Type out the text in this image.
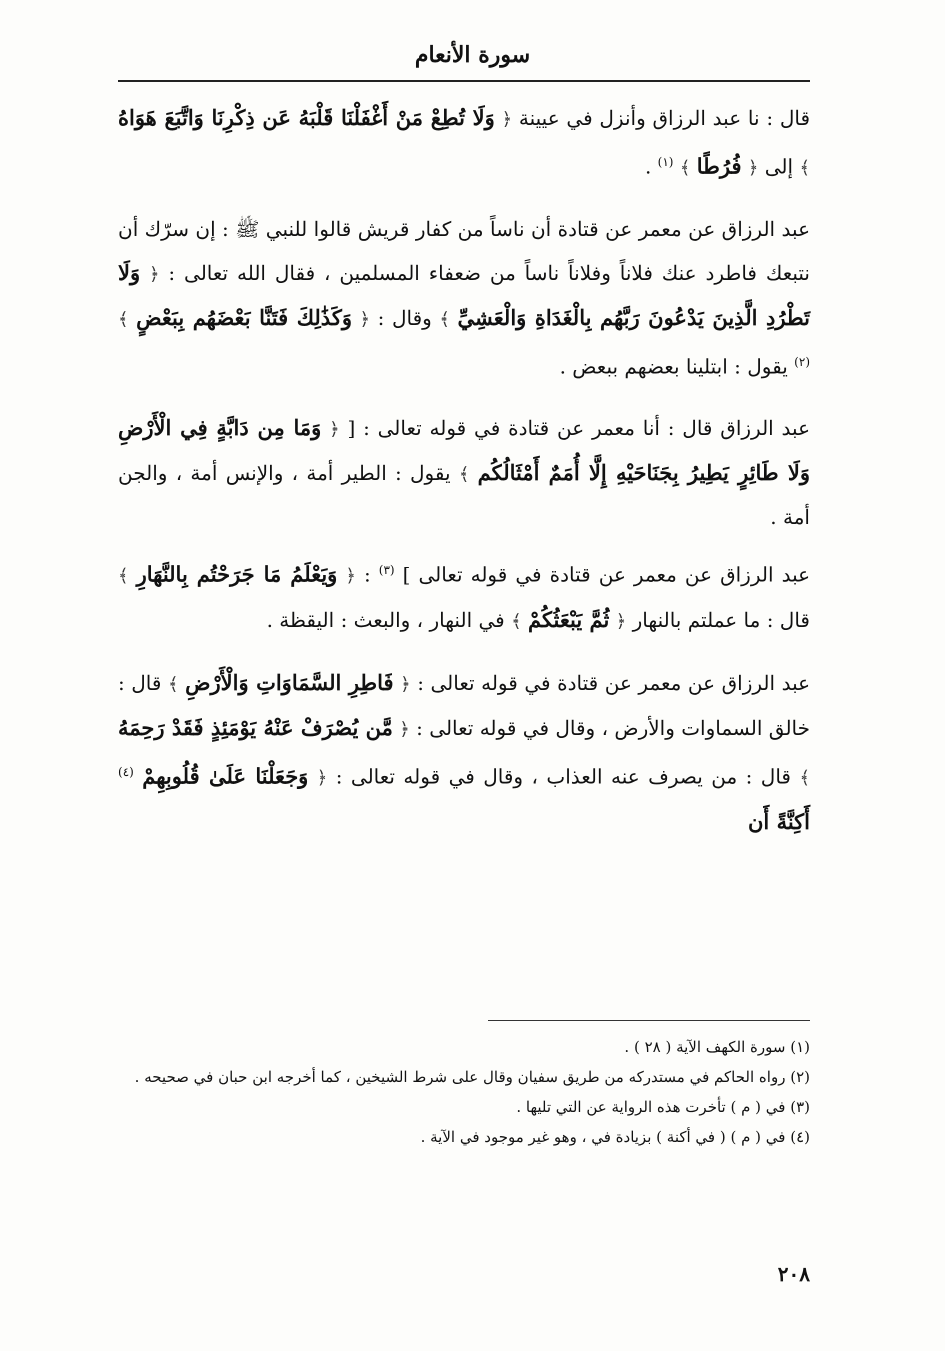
سورة الأنعام

قال : نا عبد الرزاق وأنزل في عيينة ﴿ وَلَا تُطِعْ مَنْ أَغْفَلْنَا قَلْبَهُ عَن ذِكْرِنَا وَاتَّبَعَ هَوَاهُ ﴾ إلى ﴿ فُرُطًا ﴾ $^{(١)}$ .

عبد الرزاق عن معمر عن قتادة أن ناساً من كفار قريش قالوا للنبي ﷺ : إن سرّك أن نتبعك فاطرد عنك فلاناً وفلاناً ناساً من ضعفاء المسلمين ، فقال الله تعالى : ﴿ وَلَا تَطْرُدِ الَّذِينَ يَدْعُونَ رَبَّهُم بِالْغَدَاةِ وَالْعَشِيِّ ﴾ وقال : ﴿ وَكَذَٰلِكَ فَتَنَّا بَعْضَهُم بِبَعْضٍ ﴾ $^{(٢)}$ يقول : ابتلينا بعضهم ببعض .

عبد الرزاق قال : أنا معمر عن قتادة في قوله تعالى : [ ﴿ وَمَا مِن دَابَّةٍ فِي الْأَرْضِ وَلَا طَائِرٍ يَطِيرُ بِجَنَاحَيْهِ إِلَّا أُمَمٌ أَمْثَالُكُم ﴾ يقول : الطير أمة ، والإنس أمة ، والجن أمة .

عبد الرزاق عن معمر عن قتادة في قوله تعالى ] $^{(٣)}$ : ﴿ وَيَعْلَمُ مَا جَرَحْتُم بِالنَّهَارِ ﴾ قال : ما عملتم بالنهار ﴿ ثُمَّ يَبْعَثُكُمْ ﴾ في النهار ، والبعث : اليقظة .

عبد الرزاق عن معمر عن قتادة في قوله تعالى : ﴿ فَاطِرِ السَّمَاوَاتِ وَالْأَرْضِ ﴾ قال : خالق السماوات والأرض ، وقال في قوله تعالى : ﴿ مَّن يُصْرَفْ عَنْهُ يَوْمَئِذٍ فَقَدْ رَحِمَهُ ﴾ قال : من يصرف عنه العذاب ، وقال في قوله تعالى : ﴿ وَجَعَلْنَا عَلَىٰ قُلُوبِهِمْ $^{(٤)}$ أَكِنَّةً أَن

(١) سورة الكهف الآية ( ٢٨ ) .

(٢) رواه الحاكم في مستدركه من طريق سفيان وقال على شرط الشيخين ، كما أخرجه ابن حبان في صحيحه .

(٣) في ( م ) تأخرت هذه الرواية عن التي تليها .

(٤) في ( م ) ( في أكنة ) بزيادة في ، وهو غير موجود في الآية .

٢٠٨
